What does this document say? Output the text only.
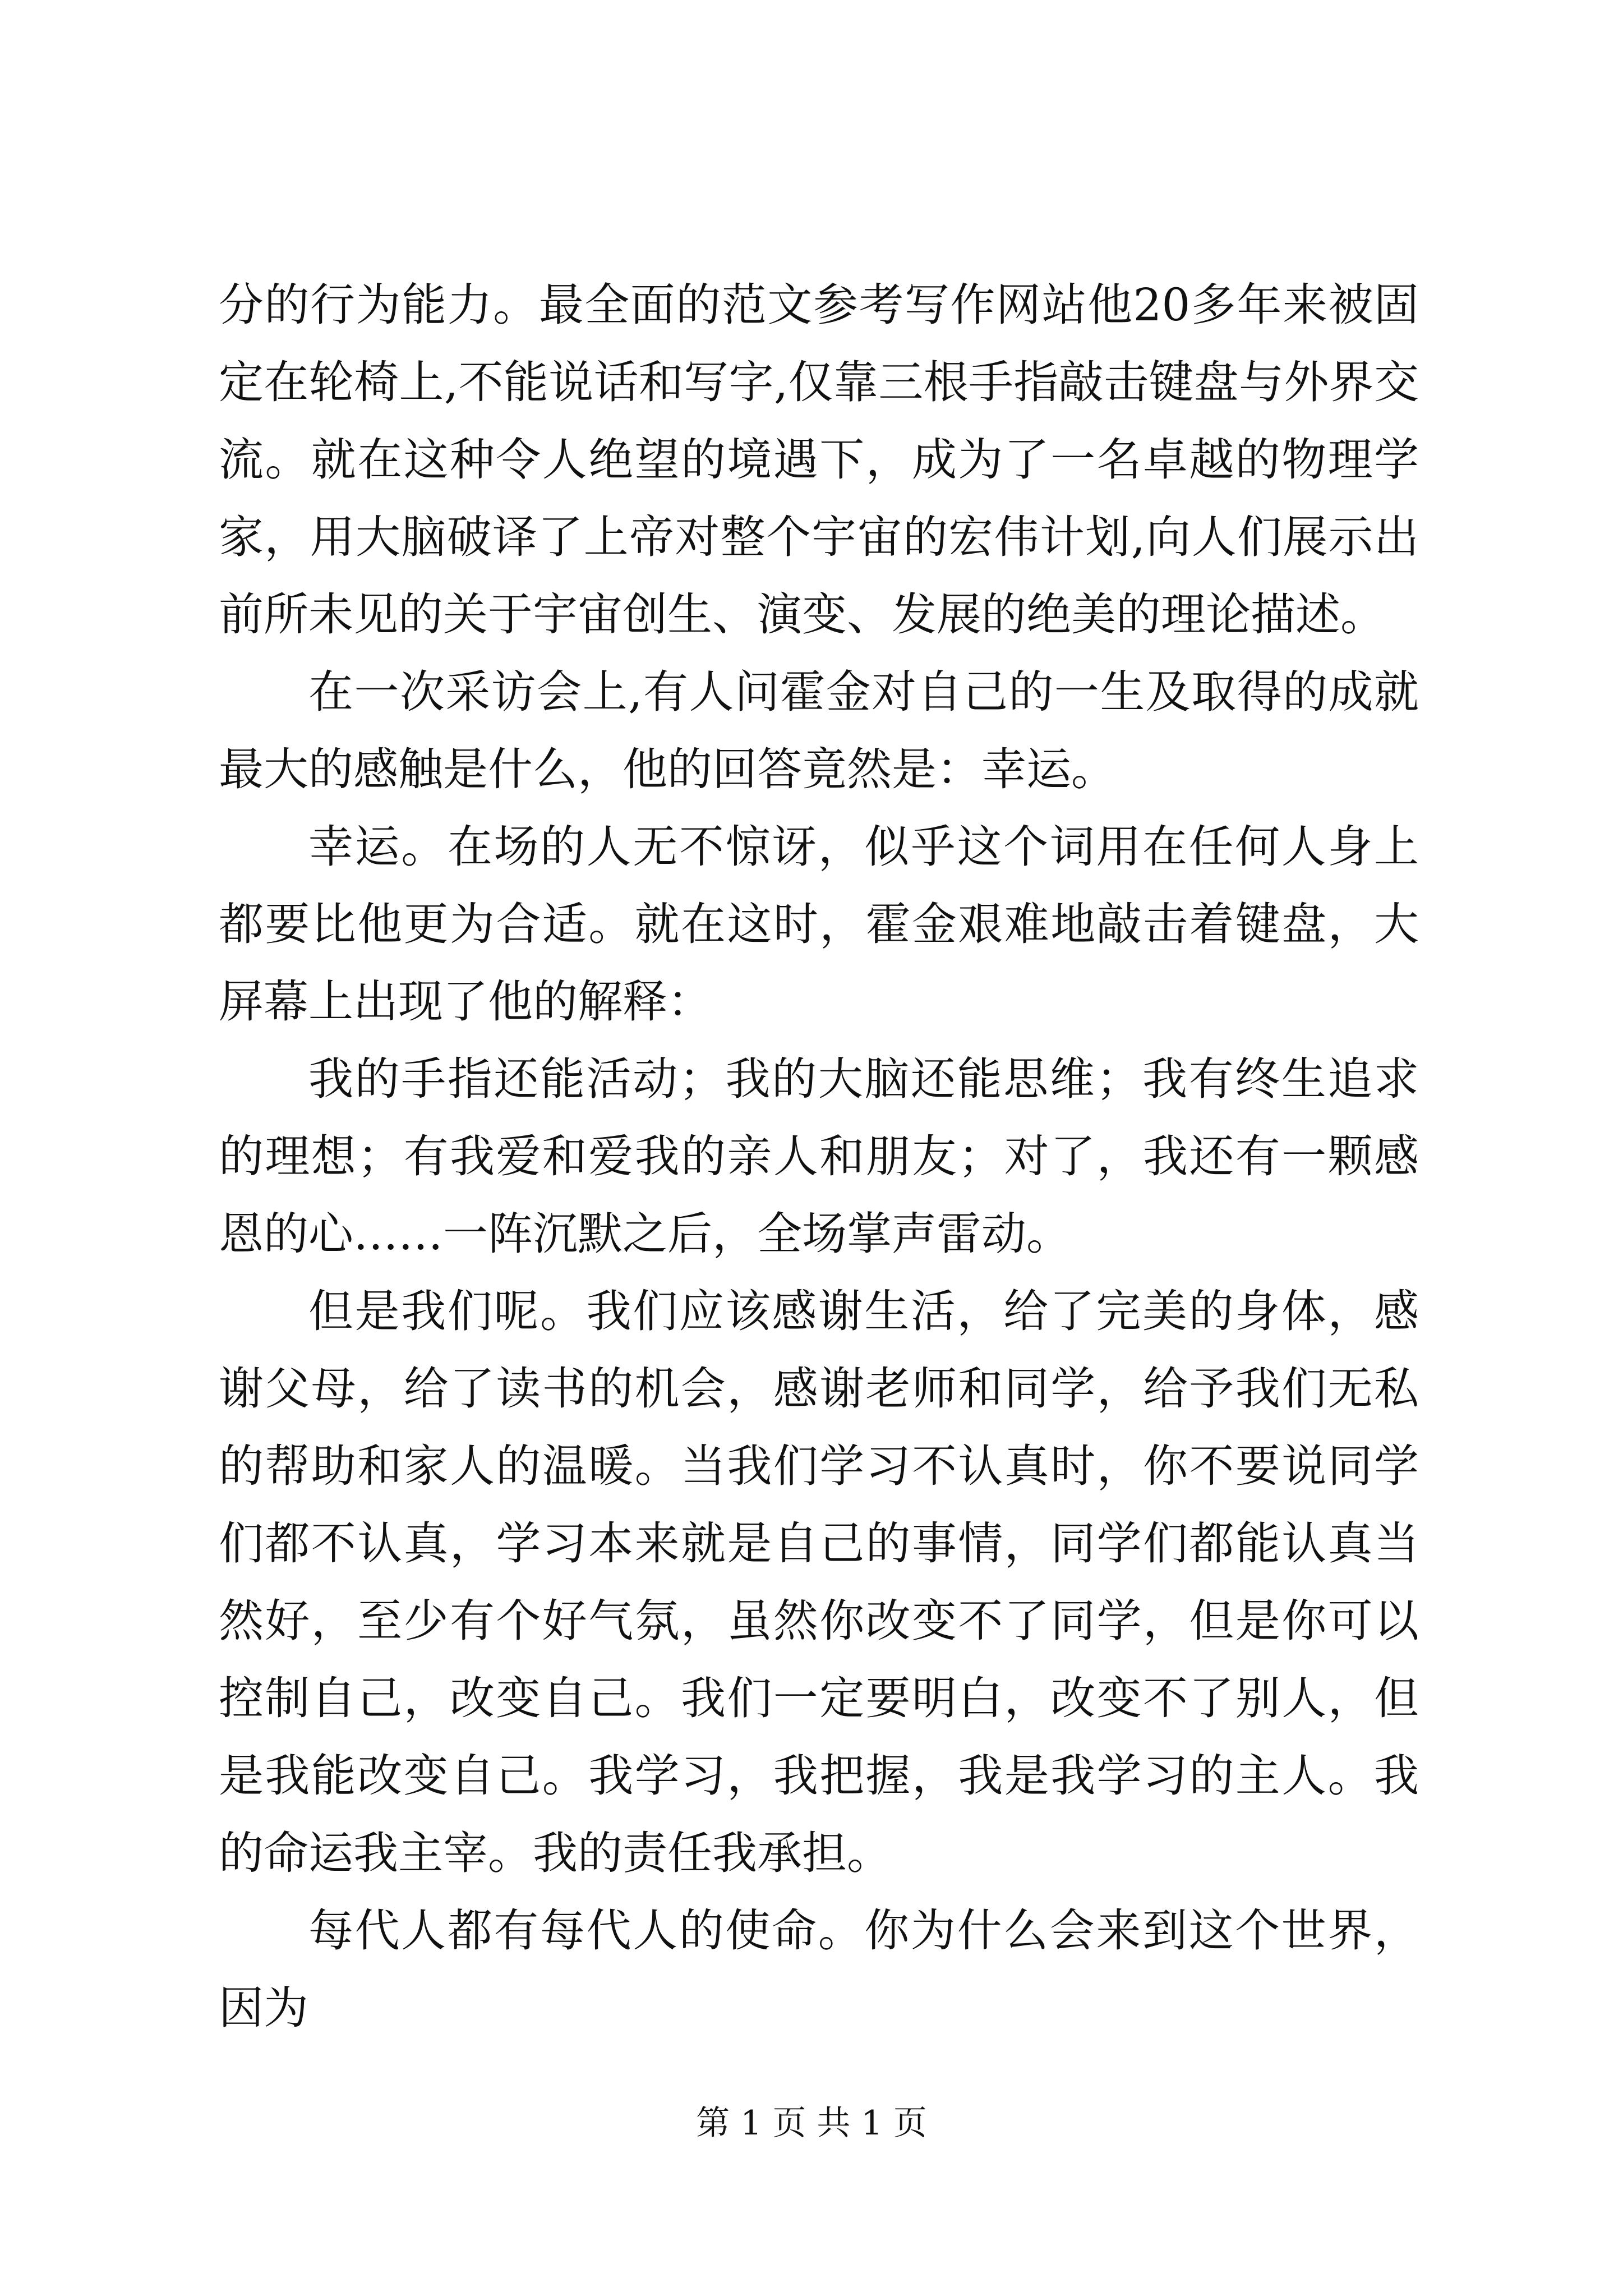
分的行为能力。最全面的范文参考写作网站他20多年来被固定在轮椅上,不能说话和写字,仅靠三根手指敲击键盘与外界交流。就在这种令人绝望的境遇下，成为了一名卓越的物理学家，用大脑破译了上帝对整个宇宙的宏伟计划,向人们展示出前所未见的关于宇宙创生、演变、发展的绝美的理论描述。

在一次采访会上,有人问霍金对自己的一生及取得的成就最大的感触是什么，他的回答竟然是：幸运。

幸运。在场的人无不惊讶，似乎这个词用在任何人身上都要比他更为合适。就在这时，霍金艰难地敲击着键盘，大屏幕上出现了他的解释：

我的手指还能活动；我的大脑还能思维；我有终生追求的理想；有我爱和爱我的亲人和朋友；对了，我还有一颗感恩的心……一阵沉默之后，全场掌声雷动。

但是我们呢。我们应该感谢生活，给了完美的身体，感谢父母，给了读书的机会，感谢老师和同学，给予我们无私的帮助和家人的温暖。当我们学习不认真时，你不要说同学们都不认真，学习本来就是自己的事情，同学们都能认真当然好，至少有个好气氛，虽然你改变不了同学，但是你可以控制自己，改变自己。我们一定要明白，改变不了别人，但是我能改变自己。我学习，我把握，我是我学习的主人。我的命运我主宰。我的责任我承担。

每代人都有每代人的使命。你为什么会来到这个世界，因为

第 1 页 共 1 页
